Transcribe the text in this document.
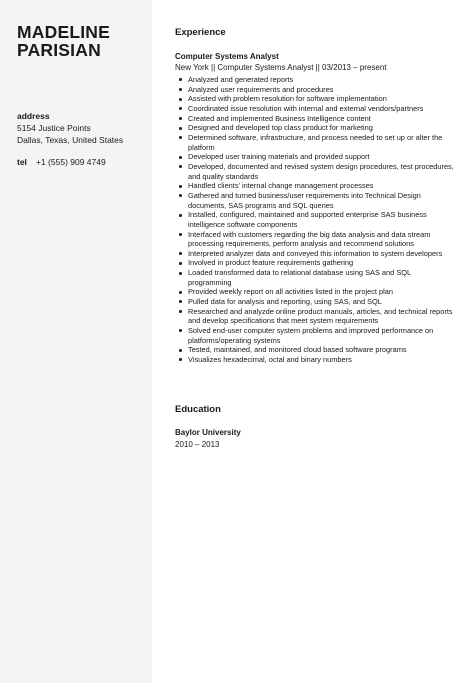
MADELINE
PARISIAN
address
5154 Justice Points
Dallas, Texas, United States
tel +1 (555) 909 4749
Experience
Computer Systems Analyst
New York || Computer Systems Analyst || 03/2013 – present
Analyzed and generated reports
Analyzed user requirements and procedures
Assisted with problem resolution for software implementation
Coordinated issue resolution with internal and external vendors/partners
Created and implemented Business Intelligence content
Designed and developed top class product for marketing
Determined software, infrastructure, and process needed to set up or alter the platform
Developed user training materials and provided support
Developed, documented and revised system design procedures, test procedures, and quality standards
Handled clients' internal change management processes
Gathered and turned business/user requirements into Technical Design documents, SAS programs and SQL queries
Installed, configured, maintained and supported enterprise SAS business intelligence software components
Interfaced with customers regarding the big data analysis and data stream processing requirements, perform analysis and recommend solutions
Interpreted analyzer data and conveyed this information to system developers
Involved in product feature requirements gathering
Loaded transformed data to relational database using SAS and SQL programming
Provided weekly report on all activities listed in the project plan
Pulled data for analysis and reporting, using SAS, and SQL
Researched and analyzde online product manuals, articles, and technical reports and develop specifications that meet system requirements
Solved end-user computer system problems and improved performance on platforms/operating systems
Tested, maintained, and monitored cloud based software programs
Visualizes hexadecimal, octal and binary numbers
Education
Baylor University
2010 – 2013
